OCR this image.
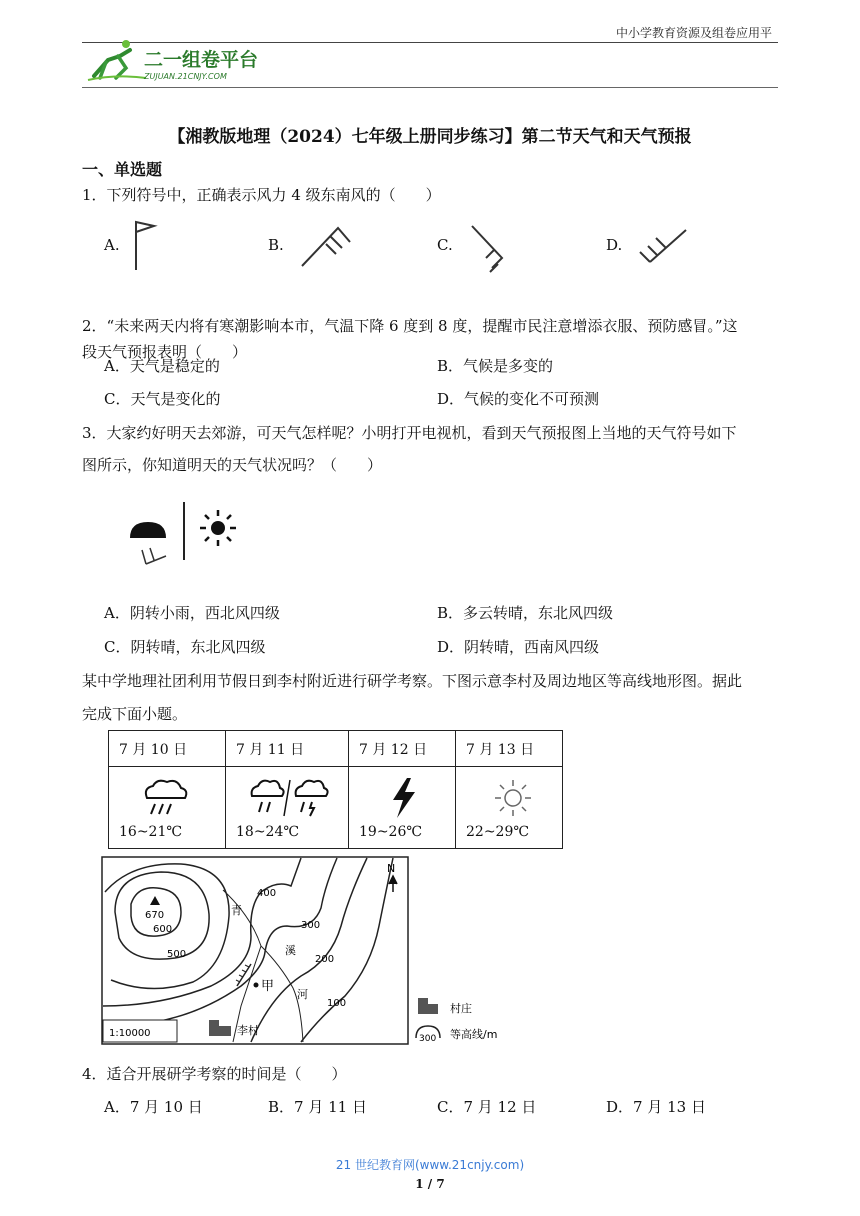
中小学教育资源及组卷应用平
二一组卷平台
ZUJUAN.21CNJY.COM
【湘教版地理（2024）七年级上册同步练习】第二节天气和天气预报
一、单选题
1．下列符号中，正确表示风力 4 级东南风的（　　）
A.	B.	C.	D.
2．“未来两天内将有寒潮影响本市，气温下降 6 度到 8 度，提醒市民注意增添衣服、预防感冒。”这
段天气预报表明（　　）
A．天气是稳定的	B．气候是多变的
C．天气是变化的	D．气候的变化不可预测
3．大家约好明天去郊游，可天气怎样呢？小明打开电视机，看到天气预报图上当地的天气符号如下
图所示，你知道明天的天气状况吗？（　　）
A．阴转小雨，西北风四级	B．多云转晴，东北风四级
C．阴转晴，东北风四级	D．阴转晴，西南风四级
某中学地理社团利用节假日到李村附近进行研学考察。下图示意李村及周边地区等高线地形图。据此
完成下面小题。
7 月 10 日	7 月 11 日	7 月 12 日	7 月 13 日

16~21℃	18~24℃	19~26℃	22~29℃
670
600
500
400
300
200
100
青
溪
河
甲
N
1:10000	李村
村庄
300 等高线/m
4．适合开展研学考察的时间是（　　）
A．7 月 10 日	B．7 月 11 日	C．7 月 12 日	D．7 月 13 日
21 世纪教育网(www.21cnjy.com)
1 / 7
